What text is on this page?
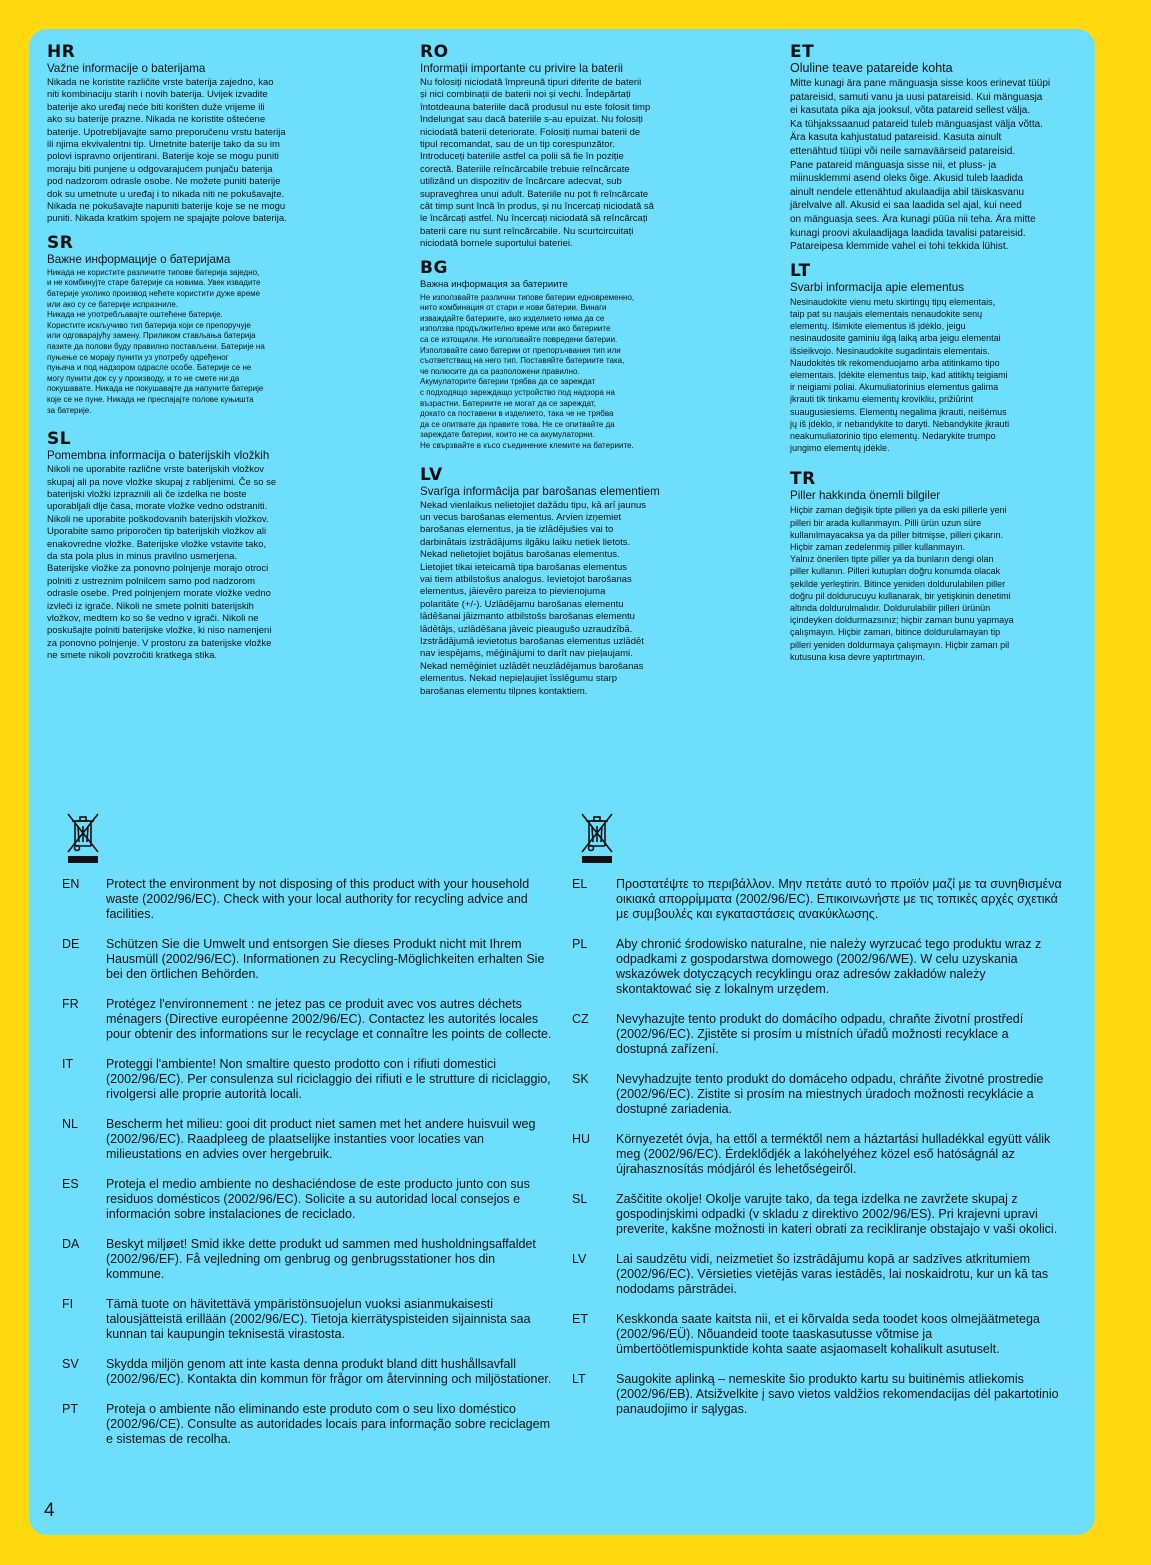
HR

Važne informacije o baterijama

Nikada ne koristite različite vrste baterija zajedno, kao
niti kombinaciju starih i novih baterija. Uvijek izvadite
baterije ako uređaj neće biti korišten duže vrijeme ili
ako su baterije prazne. Nikada ne koristite oštećene
baterije. Upotrebljavajte samo preporučenu vrstu baterija
ili njima ekvivalentni tip. Umetnite baterije tako da su im
polovi ispravno orijentirani. Baterije koje se mogu puniti
moraju biti punjene u odgovarajućem punjaču baterija
pod nadzorom odrasle osobe. Ne možete puniti baterije
dok su umetnute u uređaj i to nikada niti ne pokušavajte.
Nikada ne pokušavajte napuniti baterije koje se ne mogu
puniti. Nikada kratkim spojem ne spajajte polove baterija.

SR

Важне информације о батеријама

Никада не користите различите типове батерија заједно,
и не комбинујте старе батерије са новима. Увек извадите
батерије уколико производ нећете користити дуже време
или ако су се батерије испразниле.
Никада не употребљавајте оштећене батерије.
Користите искључиво тип батерија који се препоручује
или одговарајућу замену. Приликом стављања батерија
пазите да полови буду правилно постављени. Батерије на
пуњење се морају пунити уз употребу одређеног
пуњача и под надзором одрасле особе. Батерије се не
могу пунити док су у производу, и то не смете ни да
покушавате. Никада не покушавајте да напуните батерије
које се не пуне. Никада не преспајајте полове куњишта
за батерије.

SL

Pomembna informacija o baterijskih vložkih

Nikoli ne uporabite različne vrste baterijskih vložkov
skupaj ali pa nove vložke skupaj z rabljenimi. Če so se
baterijski vložki izpraznili ali če izdelka ne boste
uporabljali dlje časa, morate vložke vedno odstraniti.
Nikoli ne uporabite poškodovanih baterijskih vložkov.
Uporabite samo priporočen tip baterijskih vložkov ali
enakovredne vložke. Baterijske vložke vstavite tako,
da sta pola plus in minus pravilno usmerjena.
Baterijske vložke za ponovno polnjenje morajo otroci
polniti z ustreznim polnilcem samo pod nadzorom
odrasle osebe. Pred polnjenjem morate vložke vedno
izvleči iz igrače. Nikoli ne smete polniti baterijskih
vložkov, medtem ko so še vedno v igrači. Nikoli ne
poskušajte polniti baterijske vložke, ki niso namenjeni
za ponovno polnjenje. V prostoru za baterijske vložke
ne smete nikoli povzročiti kratkega stika.

RO

Informații importante cu privire la baterii

Nu folosiți niciodată împreună tipuri diferite de baterii
și nici combinații de baterii noi și vechi. Îndepărtați
întotdeauna bateriile dacă produsul nu este folosit timp
îndelungat sau dacă bateriile s-au epuizat. Nu folosiți
niciodată baterii deteriorate. Folosiți numai baterii de
tipul recomandat, sau de un tip corespunzător.
Introduceți bateriile astfel ca polii să fie în poziție
corectă. Bateriile reîncărcabile trebuie reîncărcate
utilizând un dispozitiv de încărcare adecvat, sub
supraveghrea unui adult. Bateriile nu pot fi reîncărcate
cât timp sunt încă în produs, și nu încercați niciodată să
le încărcați astfel. Nu încercați niciodată să reîncărcați
baterii care nu sunt reîncărcabile. Nu scurtcircuitați
niciodată bornele suportului bateriei.

BG

Важна информация за батериите

Не използвайте различни типове батерии едновременно,
нито комбинация от стари и нови батерии. Винаги
изваждайте батериите, ако изделието няма да се
използва продължително време или ако батериите
са се изтощили. Не използвайте повредени батерии.
Използвайте само батерии от препоръчвания тип или
съответстващ на него тип. Поставяйте батериите така,
че полюсите да са разположени правилно.
Акумулаторите батерии трябва да се зареждат
с подходящо зареждащо устройство под надзора на
възрастни. Батериите не могат да се зареждат,
докато са поставени в изделието, така че не трябва
да се опитвате да правите това. Не се опитвайте да
зареждате батерии, които не са акумулаторни.
Не свързвайте в късо съединение клемите на батериите.

LV

Svarīga informācija par barošanas elementiem

Nekad vienlaikus nelietojiet dažādu tipu, kā arī jaunus
un vecus barošanas elementus. Arvien izņemiet
barošanas elementus, ja tie izlādējušies vai to
darbinātais izstrādājums ilgāku laiku netiek lietots.
Nekad nelietojiet bojātus barošanas elementus.
Lietojiet tikai ieteicamā tipa barošanas elementus
vai tiem atbilstošus analogus. Ievietojot barošanas
elementus, jāievēro pareiza to pievienojuma
polaritāte (+/-). Uzlādējamu barošanas elementu
lādēšanai jāizmanto atbilstošs barošanas elementu
lādētājs, uzlādēšana jāveic pieaugušo uzraudzībā.
Izstrādājumā ievietotus barošanas elementus uzlādēt
nav iespējams, mēģinājumi to darīt nav pieļaujami.
Nekad nemēģiniet uzlādēt neuzlādējamus barošanas
elementus. Nekad nepieļaujiet īsslēgumu starp
barošanas elementu tilpnes kontaktiem.

ET

Oluline teave patareide kohta

Mitte kunagi ära pane mänguasja sisse koos erinevat tüüpi
patareisid, samuti vanu ja uusi patareisid. Kui mänguasja
ei kasutata pika aja jooksul, võta patareid sellest välja.
Ka tühjakssaanud patareid tuleb mänguasjast välja võtta.
Ära kasuta kahjustatud patareisid. Kasuta ainult
ettenähtud tüüpi või neile samaväärseid patareisid.
Pane patareid mänguasja sisse nii, et pluss- ja
miinusklemmi asend oleks õige. Akusid tuleb laadida
ainult nendele ettenähtud akulaadija abil täiskasvanu
järelvalve all. Akusid ei saa laadida sel ajal, kui need
on mänguasja sees. Ära kunagi püüa nii teha. Ära mitte
kunagi proovi akulaadijaga laadida tavalisi patareisid.
Patareipesa klemmide vahel ei tohi tekkida lühist.

LT

Svarbi informacija apie elementus

Nesinaudokite vienu metu skirtingų tipų elementais,
taip pat su naujais elementais nenaudokite senų
elementų. Išimkite elementus iš įdėklo, jeigu
nesinaudosite gaminiu ilgą laiką arba jeigu elementai
išsieikvojo. Nesinaudokite sugadintais elementais.
Naudokitės tik rekomenduojamo arba atitinkamo tipo
elementais. Įdėkite elementus taip, kad atitiktų teigiami
ir neigiami poliai. Akumuliatorinius elementus galima
įkrauti tik tinkamu elementų krovikliu, prižiūrint
suaugusiesiems. Elementų negalima įkrauti, neišėmus
jų iš įdėklo, ir nebandykite to daryti. Nebandykite įkrauti
neakumuliatorinio tipo elementų. Nedarykite trumpo
jungimo elementų įdėkle.

TR

Piller hakkında önemli bilgiler

Hiçbir zaman değişik tipte pilleri ya da eski pillerle yeni
pilleri bir arada kullanmayın. Pilli ürün uzun süre
kullanılmayacaksa ya da piller bitmişse, pilleri çıkarın.
Hiçbir zaman zedelenmiş piller kullanmayın.
Yalnız önerilen tipte piller ya da bunların dengi olan
piller kullanın. Pilleri kutupları doğru konumda olacak
şekilde yerleştirin. Bitince yeniden doldurulabilen piller
doğru pil doldurucuyu kullanarak, bir yetişkinin denetimi
altında doldurulmalıdır. Doldurulabilir pilleri ürünün
içindeyken doldurmazsınız; hiçbir zaman bunu yapmaya
çalışmayın. Hiçbir zaman, bitince doldurulamayan tip
pilleri yeniden doldurmaya çalışmayın. Hiçbir zaman pil
kutusuna kısa devre yaptırtmayın.

EN	Protect the environment by not disposing of this product with your household waste (2002/96/EC). Check with your local authority for recycling advice and facilities.
DE	Schützen Sie die Umwelt und entsorgen Sie dieses Produkt nicht mit Ihrem Hausmüll (2002/96/EC). Informationen zu Recycling-Möglichkeiten erhalten Sie bei den örtlichen Behörden.
FR	Protégez l'environnement : ne jetez pas ce produit avec vos autres déchets ménagers (Directive européenne 2002/96/EC). Contactez les autorités locales pour obtenir des informations sur le recyclage et connaître les points de collecte.
IT	Proteggi l'ambiente! Non smaltire questo prodotto con i rifiuti domestici (2002/96/EC). Per consulenza sul riciclaggio dei rifiuti e le strutture di riciclaggio, rivolgersi alle proprie autorità locali.
NL	Bescherm het milieu: gooi dit product niet samen met het andere huisvuil weg (2002/96/EC). Raadpleeg de plaatselijke instanties voor locaties van milieustations en advies over hergebruik.
ES	Proteja el medio ambiente no deshaciéndose de este producto junto con sus residuos domésticos (2002/96/EC). Solicite a su autoridad local consejos e información sobre instalaciones de reciclado.
DA	Beskyt miljøet! Smid ikke dette produkt ud sammen med husholdningsaffaldet (2002/96/EF). Få vejledning om genbrug og genbrugsstationer hos din kommune.
FI	Tämä tuote on hävitettävä ympäristönsuojelun vuoksi asianmukaisesti talousjätteistä erillään (2002/96/EC). Tietoja kierrätyspisteiden sijainnista saa kunnan tai kaupungin teknisestä virastosta.
SV	Skydda miljön genom att inte kasta denna produkt bland ditt hushållsavfall (2002/96/EC). Kontakta din kommun för frågor om återvinning och miljöstationer.
PT	Proteja o ambiente não eliminando este produto com o seu lixo doméstico (2002/96/CE). Consulte as autoridades locais para informação sobre reciclagem e sistemas de recolha.
EL	Προστατέψτε το περιβάλλον. Μην πετάτε αυτό το προϊόν μαζί με τα συνηθισμένα οικιακά απορρίμματα (2002/96/EC). Επικοινωνήστε με τις τοπικές αρχές σχετικά με συμβουλές και εγκαταστάσεις ανακύκλωσης.
PL	Aby chronić środowisko naturalne, nie należy wyrzucać tego produktu wraz z odpadkami z gospodarstwa domowego (2002/96/WE). W celu uzyskania wskazówek dotyczących recyklingu oraz adresów zakładów należy skontaktować się z lokalnym urzędem.
CZ	Nevyhazujte tento produkt do domácího odpadu, chraňte životní prostředí (2002/96/EC). Zjistěte si prosím u místních úřadů možnosti recyklace a dostupná zařízení.
SK	Nevyhadzujte tento produkt do domáceho odpadu, chráňte životné prostredie (2002/96/EC). Zistite si prosím na miestnych úradoch možnosti recyklácie a dostupné zariadenia.
HU	Környezetét óvja, ha ettől a terméktől nem a háztartási hulladékkal együtt válik meg (2002/96/EC). Érdeklődjék a lakóhelyéhez közel eső hatóságnál az újrahasznosítás módjáról és lehetőségeiről.
SL	Zaščitite okolje! Okolje varujte tako, da tega izdelka ne zavržete skupaj z gospodinjskimi odpadki (v skladu z direktivo 2002/96/ES). Pri krajevni upravi preverite, kakšne možnosti in kateri obrati za recikliranje obstajajo v vaši okolici.
LV	Lai saudzētu vidi, neizmetiet šo izstrādājumu kopā ar sadzīves atkritumiem (2002/96/EC). Vērsieties vietējās varas iestādēs, lai noskaidrotu, kur un kā tas nododams pārstrādei.
ET	Keskkonda saate kaitsta nii, et ei kõrvalda seda toodet koos olmejäätmetega (2002/96/EÜ). Nõuandeid toote taaskasutusse võtmise ja ümbertöötlemispunktide kohta saate asjaomaselt kohalikult asutuselt.
LT	Saugokite aplinką – nemeskite šio produkto kartu su buitinėmis atliekomis (2002/96/EB). Atsižvelkite į savo vietos valdžios rekomendacijas dėl pakartotinio panaudojimo ir sąlygas.
4
